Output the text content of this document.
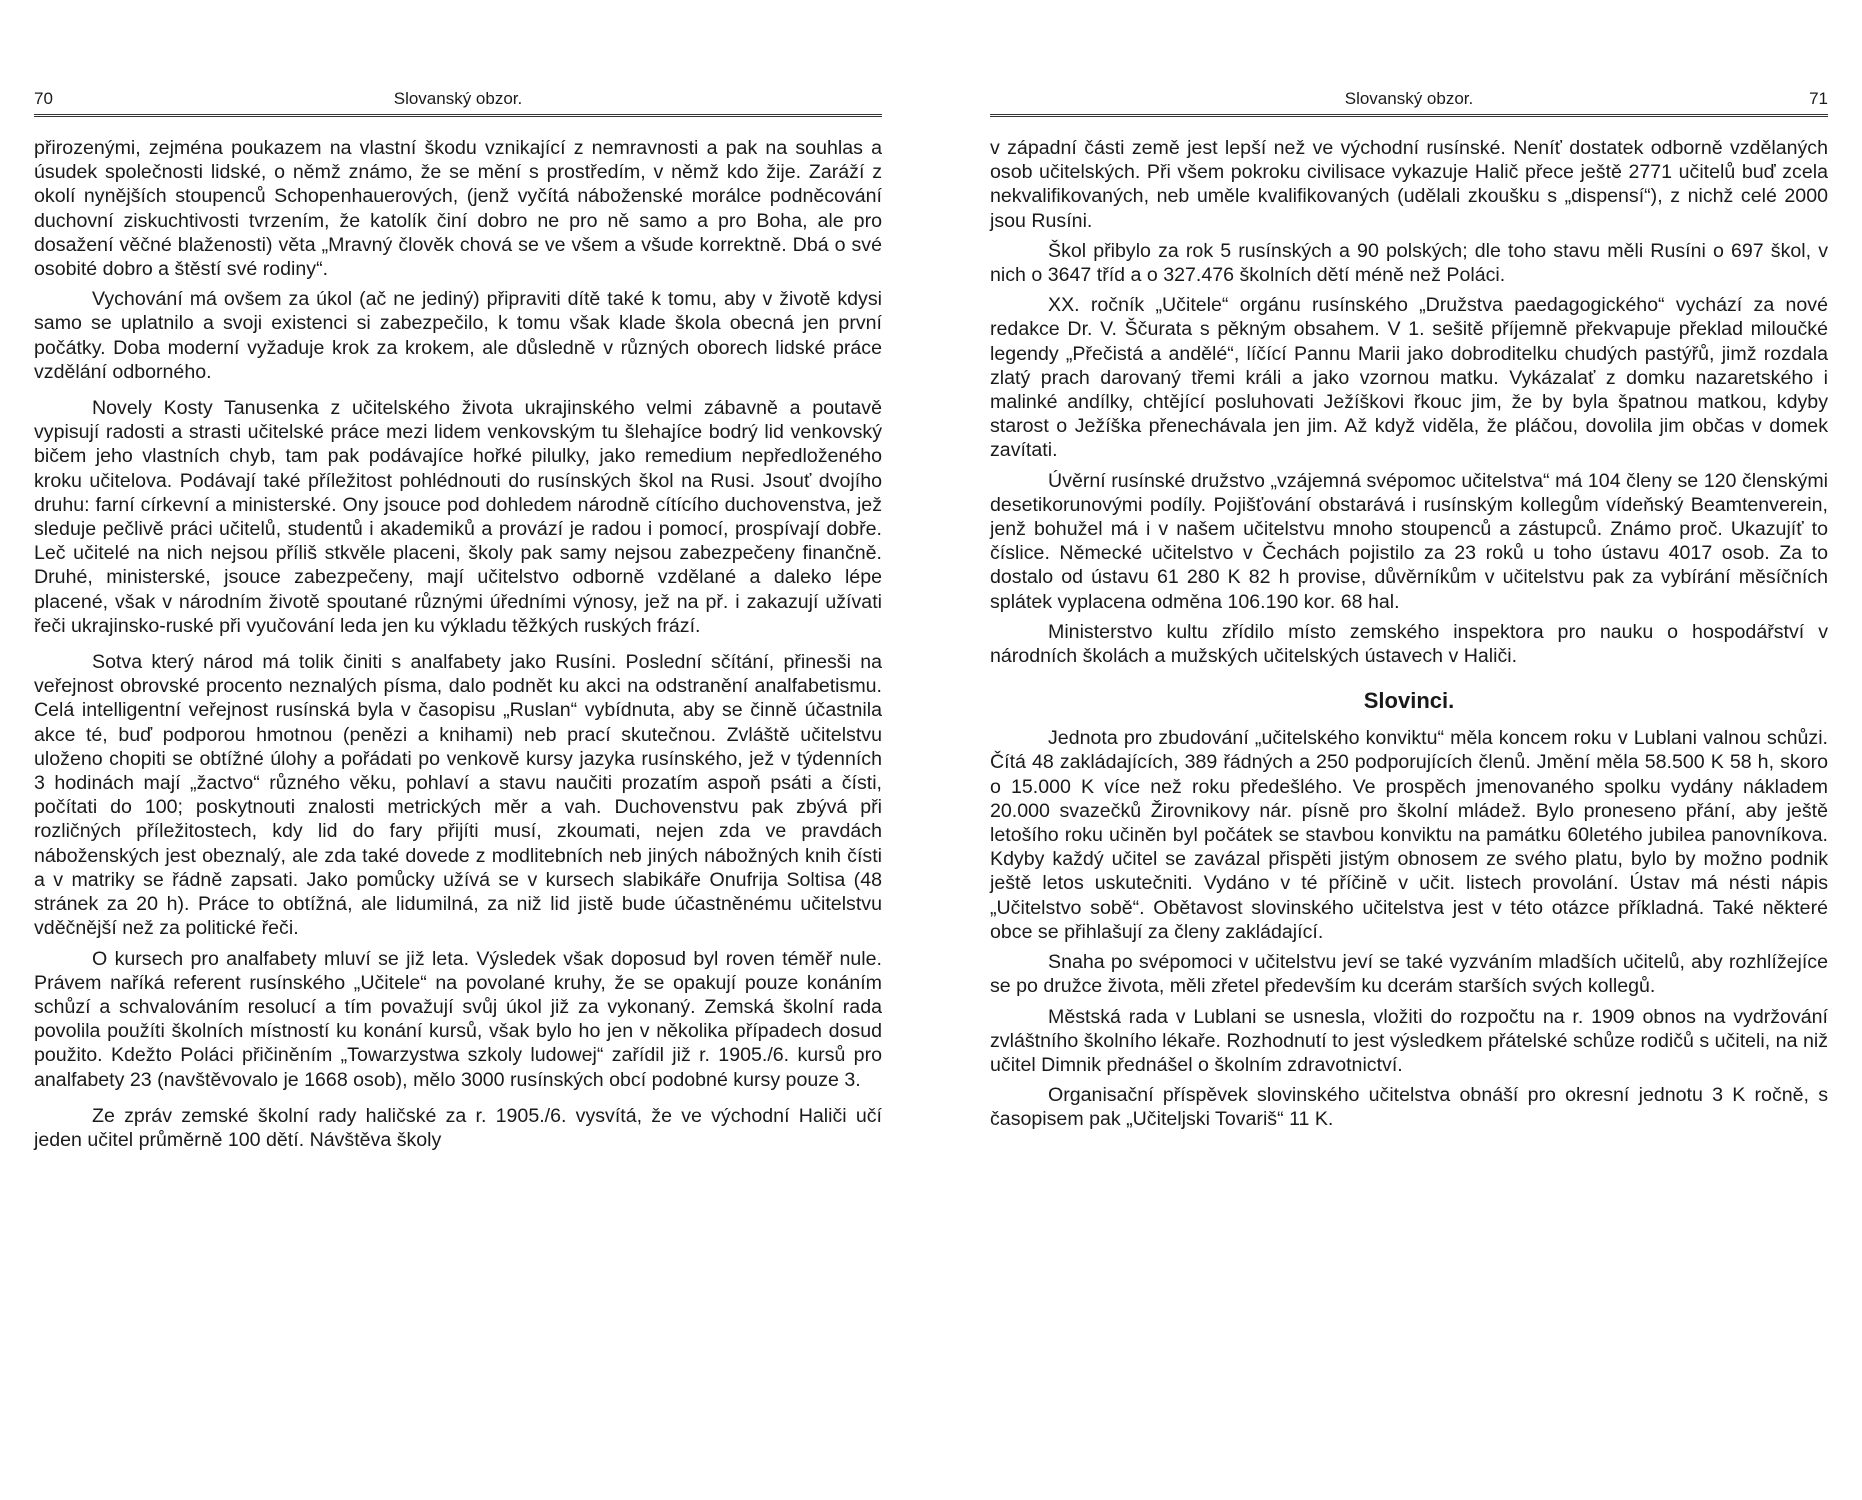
70	Slovanský obzor.

přirozenými, zejména poukazem na vlastní škodu vznikající z nemravnosti a pak na souhlas a úsudek společnosti lidské, o němž známo, že se mění s prostředím, v němž kdo žije. Zaráží z okolí nynějších stoupenců Schopenhauerových, (jenž vyčítá náboženské morálce podněcování duchovní ziskuchtivosti tvrzením, že katolík činí dobro ne pro ně samo a pro Boha, ale pro dosažení věčné blaženosti) věta „Mravný člověk chová se ve všem a všude korrektně. Dbá o své osobité dobro a štěstí své rodiny“.

Vychování má ovšem za úkol (ač ne jediný) připraviti dítě také k tomu, aby v životě kdysi samo se uplatnilo a svoji existenci si zabezpečilo, k tomu však klade škola obecná jen první počátky. Doba moderní vyžaduje krok za krokem, ale důsledně v různých oborech lidské práce vzdělání odborného.

Novely Kosty Tanusenka z učitelského života ukrajinského velmi zábavně a poutavě vypisují radosti a strasti učitelské práce mezi lidem venkovským tu šlehajíce bodrý lid venkovský bičem jeho vlastních chyb, tam pak podávajíce hořké pilulky, jako remedium nepředloženého kroku učitelova. Podávají také příležitost pohlédnouti do rusínských škol na Rusi. Jsouť dvojího druhu: farní církevní a ministerské. Ony jsouce pod dohledem národně cítícího duchovenstva, jež sleduje pečlivě práci učitelů, studentů i akademiků a provází je radou i pomocí, prospívají dobře. Leč učitelé na nich nejsou příliš stkvěle placeni, školy pak samy nejsou zabezpečeny finančně. Druhé, ministerské, jsouce zabezpečeny, mají učitelstvo odborně vzdělané a daleko lépe placené, však v národním životě spoutané různými úředními výnosy, jež na př. i zakazují užívati řeči ukrajinsko-ruské při vyučování leda jen ku výkladu těžkých ruských frází.

Sotva který národ má tolik činiti s analfabety jako Rusíni. Poslední sčítání, přinesši na veřejnost obrovské procento neznalých písma, dalo podnět ku akci na odstranění analfabetismu. Celá intelligentní veřejnost rusínská byla v časopisu „Ruslan“ vybídnuta, aby se činně účastnila akce té, buď podporou hmotnou (penězi a knihami) neb prací skutečnou. Zvláště učitelstvu uloženo chopiti se obtížné úlohy a pořádati po venkově kursy jazyka rusínského, jež v týdenních 3 hodinách mají „žactvo“ různého věku, pohlaví a stavu naučiti prozatím aspoň psáti a čísti, počítati do 100; poskytnouti znalosti metrických měr a vah. Duchovenstvu pak zbývá při rozličných příležitostech, kdy lid do fary přijíti musí, zkoumati, nejen zda ve pravdách náboženských jest obeznalý, ale zda také dovede z modlitebních neb jiných nábožných knih čísti a v matriky se řádně zapsati. Jako pomůcky užívá se v kursech slabikáře Onufrija Soltisa (48 stránek za 20 h). Práce to obtížná, ale lidumilná, za niž lid jistě bude účastněnému učitelstvu vděčnější než za politické řeči.

O kursech pro analfabety mluví se již leta. Výsledek však doposud byl roven téměř nule. Právem naříká referent rusínského „Učitele“ na povolané kruhy, že se opakují pouze konáním schůzí a schvalováním resolucí a tím považují svůj úkol již za vykonaný. Zemská školní rada povolila použíti školních místností ku konání kursů, však bylo ho jen v několika případech dosud použito. Kdežto Poláci přičiněním „Towarzystwa szkoly ludowej“ zařídil již r. 1905./6. kursů pro analfabety 23 (navštěvovalo je 1668 osob), mělo 3000 rusínských obcí podobné kursy pouze 3.

Ze zpráv zemské školní rady haličské za r. 1905./6. vysvítá, že ve východní Haliči učí jeden učitel průměrně 100 dětí. Návštěva školy

Slovanský obzor.	71

v západní části země jest lepší než ve východní rusínské. Neníť dostatek odborně vzdělaných osob učitelských. Při všem pokroku civilisace vykazuje Halič přece ještě 2771 učitelů buď zcela nekvalifikovaných, neb uměle kvalifikovaných (udělali zkoušku s „dispensí“), z nichž celé 2000 jsou Rusíni.

Škol přibylo za rok 5 rusínských a 90 polských; dle toho stavu měli Rusíni o 697 škol, v nich o 3647 tříd a o 327.476 školních dětí méně než Poláci.

XX. ročník „Učitele“ orgánu rusínského „Družstva paedagogického“ vychází za nové redakce Dr. V. Ščurata s pěkným obsahem. V 1. sešitě příjemně překvapuje překlad miloučké legendy „Přečistá a andělé“, líčící Pannu Marii jako dobroditelku chudých pastýřů, jimž rozdala zlatý prach darovaný třemi králi a jako vzornou matku. Vykázalať z domku nazaretského i malinké andílky, chtějící posluhovati Ježíškovi řkouc jim, že by byla špatnou matkou, kdyby starost o Ježíška přenechávala jen jim. Až když viděla, že pláčou, dovolila jim občas v domek zavítati.

Úvěrní rusínské družstvo „vzájemná svépomoc učitelstva“ má 104 členy se 120 členskými desetikorunovými podíly. Pojišťování obstarává i rusínským kollegům vídeňský Beamtenverein, jenž bohužel má i v našem učitelstvu mnoho stoupenců a zástupců. Známo proč. Ukazujíť to číslice. Německé učitelstvo v Čechách pojistilo za 23 roků u toho ústavu 4017 osob. Za to dostalo od ústavu 61 280 K 82 h provise, důvěrníkům v učitelstvu pak za vybírání měsíčních splátek vyplacena odměna 106.190 kor. 68 hal.

Ministerstvo kultu zřídilo místo zemského inspektora pro nauku o hospodářství v národních školách a mužských učitelských ústavech v Haliči.

Slovinci.

Jednota pro zbudování „učitelského konviktu“ měla koncem roku v Lublani valnou schůzi. Čítá 48 zakládajících, 389 řádných a 250 podporujících členů. Jmění měla 58.500 K 58 h, skoro o 15.000 K více než roku předešlého. Ve prospěch jmenovaného spolku vydány nákladem 20.000 svazečků Žirovnikovy nár. písně pro školní mládež. Bylo proneseno přání, aby ještě letošího roku učiněn byl počátek se stavbou konviktu na památku 60letého jubilea panovníkova. Kdyby každý učitel se zavázal přispěti jistým obnosem ze svého platu, bylo by možno podnik ještě letos uskutečniti. Vydáno v té příčině v učit. listech provolání. Ústav má nésti nápis „Učitelstvo sobě“. Obětavost slovinského učitelstva jest v této otázce příkladná. Také některé obce se přihlašují za členy zakládající.

Snaha po svépomoci v učitelstvu jeví se také vyzváním mladších učitelů, aby rozhlížejíce se po družce života, měli zřetel především ku dcerám starších svých kollegů.

Městská rada v Lublani se usnesla, vložiti do rozpočtu na r. 1909 obnos na vydržování zvláštního školního lékaře. Rozhodnutí to jest výsledkem přátelské schůze rodičů s učiteli, na niž učitel Dimnik přednášel o školním zdravotnictví.

Organisační příspěvek slovinského učitelstva obnáší pro okresní jednotu 3 K ročně, s časopisem pak „Učiteljski Tovariš“ 11 K.
